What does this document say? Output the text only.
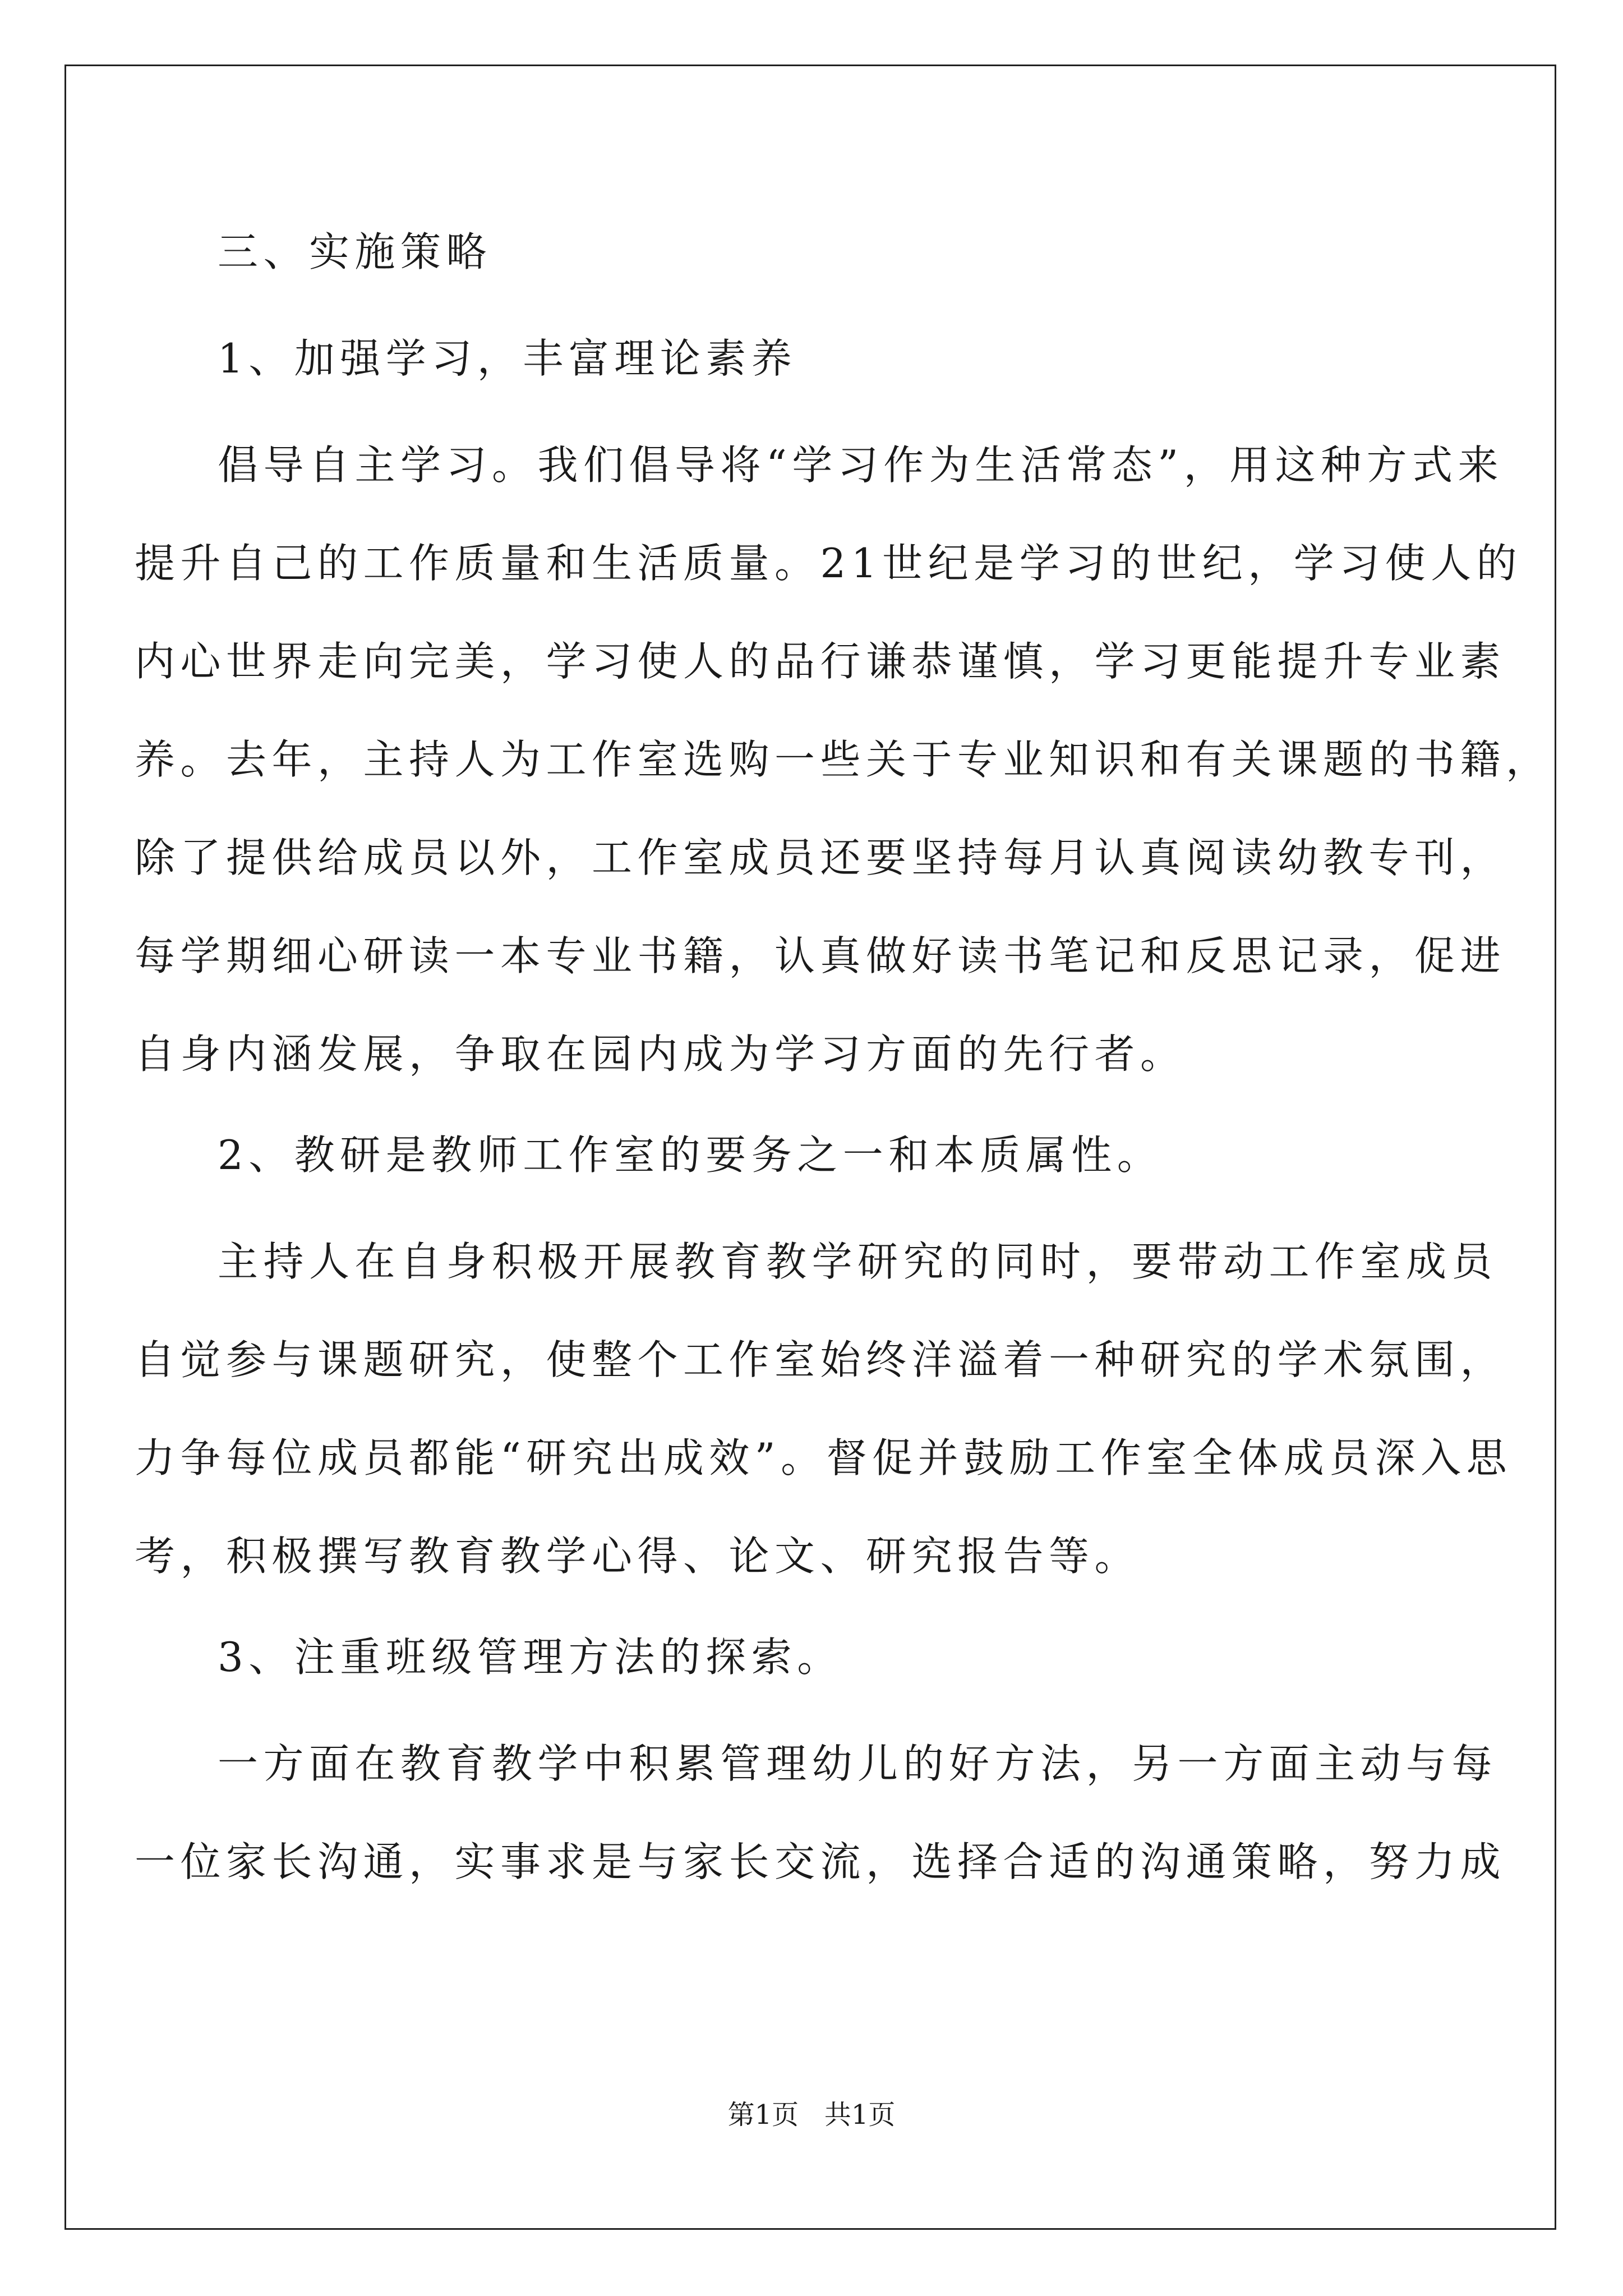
三、实施策略
1、加强学习，丰富理论素养
倡导自主学习。我们倡导将“学习作为生活常态”，用这种方式来
提升自己的工作质量和生活质量。21世纪是学习的世纪，学习使人的
内心世界走向完美，学习使人的品行谦恭谨慎，学习更能提升专业素
养。去年，主持人为工作室选购一些关于专业知识和有关课题的书籍，
除了提供给成员以外，工作室成员还要坚持每月认真阅读幼教专刊，
每学期细心研读一本专业书籍，认真做好读书笔记和反思记录，促进
自身内涵发展，争取在园内成为学习方面的先行者。
2、教研是教师工作室的要务之一和本质属性。
主持人在自身积极开展教育教学研究的同时，要带动工作室成员
自觉参与课题研究，使整个工作室始终洋溢着一种研究的学术氛围，
力争每位成员都能“研究出成效”。督促并鼓励工作室全体成员深入思
考，积极撰写教育教学心得、论文、研究报告等。
3、注重班级管理方法的探索。
一方面在教育教学中积累管理幼儿的好方法，另一方面主动与每
一位家长沟通，实事求是与家长交流，选择合适的沟通策略，努力成
第1页   共1页
